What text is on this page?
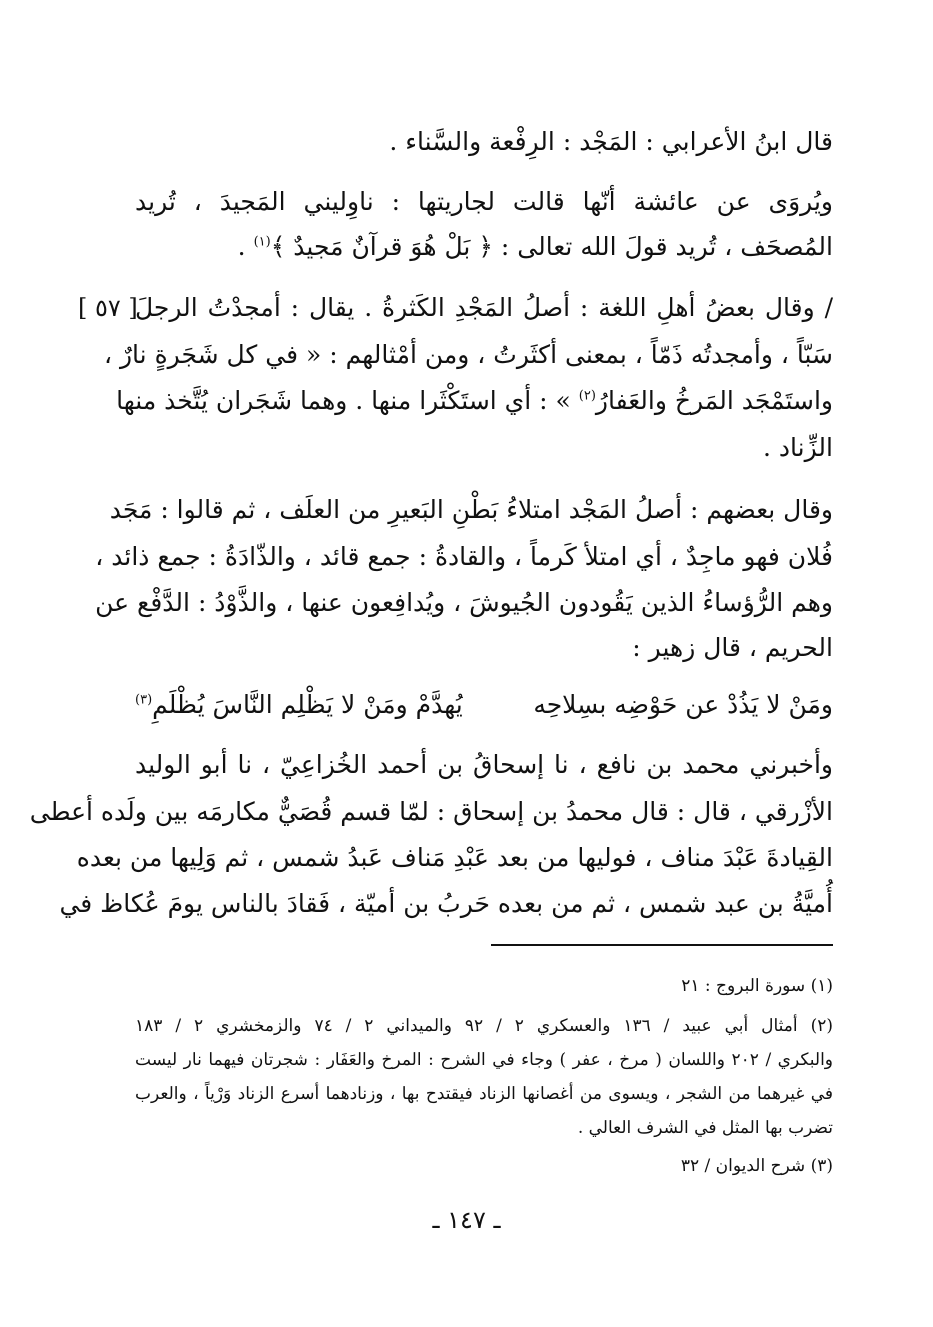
قال ابنُ الأعرابي : المَجْد : الرِفْعة والسَّناء .
ويُروَى عن عائشة أنّها قالت لجاريتها : ناوِليني المَجيدَ ، تُريد
المُصحَف ، تُريد قولَ الله تعالى : ﴿ بَلْ هُوَ قرآنٌ مَجيدٌ ﴾$^{(١)}$ .
[ ٥٧ ]
/ وقال بعضُ أهلِ اللغة : أصلُ المَجْدِ الكَثرةُ . يقال : أمجدْتُ الرجلَ
سَبّاً ، وأمجدتُه ذَمّاً ، بمعنى أكثَرتُ ، ومن أمْثالهم : « في كل شَجَرةٍ نارٌ ،
واستَمْجَد المَرخُ والعَفارُ$^{(٢)}$ » : أي استَكْثَرا منها . وهما شَجَران يُتَّخذ منها
الزِّناد .
وقال بعضهم : أصلُ المَجْد امتلاءُ بَطْنِ البَعيرِ من العلَف ، ثم قالوا : مَجَد
فُلان فهو ماجِدٌ ، أي امتلأ كَرماً ، والقادةُ : جمع قائد ، والذّادَةُ : جمع ذائد ،
وهم الرُّؤساءُ الذين يَقُودون الجُيوشَ ، ويُدافِعون عنها ، والذَّوْدُ : الدَّفْع عن
الحريم ، قال زهير :
ومَنْ لا يَذُدْ عن حَوْضِه بسِلاحِه
يُهدَّمْ ومَنْ لا يَظْلِم النَّاسَ يُظْلَمِ$^{(٣)}$
وأخبرني محمد بن نافع ، نا إسحاقُ بن أحمد الخُزاعِيّ ، نا أبو الوليد
الأزْرقي ، قال : قال محمدُ بن إسحاق : لمّا قسم قُصَيٌّ مكارمَه بين ولَده أعطى
القِيادةَ عَبْدَ مناف ، فوليها من بعد عَبْدِ مَناف عَبدُ شمس ، ثم وَلِيها من بعده
أُميَّةُ بن عبد شمس ، ثم من بعده حَربُ بن أميّة ، فَقادَ بالناس يومَ عُكاظ في
(١) سورة البروج : ٢١
(٢) أمثال أبي عبيد / ١٣٦ والعسكري ٢ / ٩٢ والميداني ٢ / ٧٤ والزمخشري ٢ / ١٨٣
والبكري / ٢٠٢ واللسان ( مرخ ، عفر ) وجاء في الشرح : المرخ والعَفَار : شجرتان فيهما نار ليست
في غيرهما من الشجر ، ويسوى من أغصانها الزناد فيقتدح بها ، وزنادهما أسرع الزناد وَرْياً ، والعرب
تضرب بها المثل في الشرف العالي .
(٣) شرح الديوان / ٣٢
ـ ١٤٧ ـ
